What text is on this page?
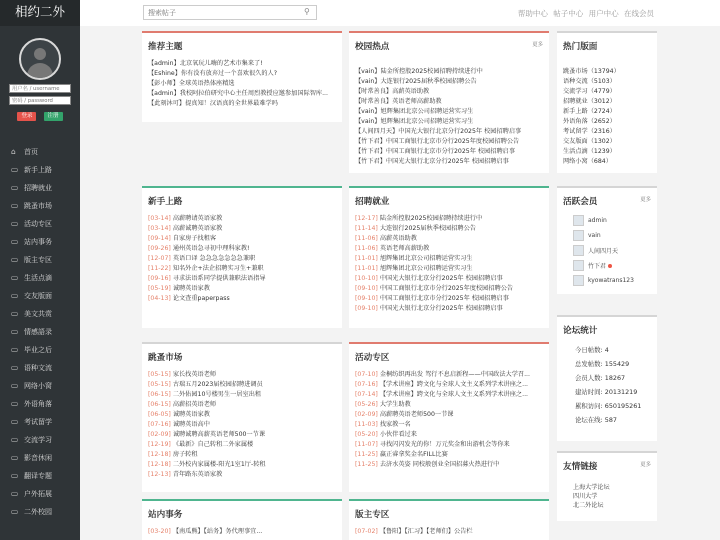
相约二外
用户名 / username
密码 / password
登录	注册
⌂ 首页
▭ 新手上路
▭ 招聘就业
▭ 跳蚤市场
▭ 活动专区
▭ 站内事务
▭ 版主专区
▭ 生活点滴
▭ 交友版面
▭ 美文共赏
▭ 情感語录
▭ 毕业之后
▭ 语种文流
▭ 网络小窝
▭ 外语角落
▭ 考试留学
▭ 交流学习
▭ 影音休闲
▭ 翻译专题
▭ 户外拓展
▭ 二外校园
搜索帖子
⚲	帮助中心 帖子中心 用户中心 在线会员
推荐主题
【admin】北京氧玩儿嗨的艺术市集来了!
【Eshine】你有没有放弃过一个喜欢很久的人?
【彭小师】全球英语热体座精选
【admin】我校阿拉伯研究中心主任周烈教授应邀参加国际智库...
【此刻沐可】提真知！汉语真的全世界最难学吗
新手上路
[03-14] 高薪聘请英语家教
[03-14] 高薪诚聘英语家教
[09-14] 自家房子找租客
[09-26] 通州英语急寻初中理科家教!
[12-07] 英语口译 急急急急急急急兼职
[11-22] 知名外企+法企招聘实习生+兼职
[09-16] 寻求法语系同学提供兼职法语指导
[05-19] 诚聘英语家教
[04-13] 论文查重paperpass
跳蚤市场
[05-15] 家长找英语老师
[05-15] 古瑞五月2023届校园招聘进调员
[06-15] 二外佑园10号楼男生一居室出租
[06-15] 高薪招英语老师
[06-05] 诚聘英语家教
[07-16] 诚聘英语高中
[02-09] 诚聘诚聘高薪英语老师500一节课
[12-19] 《最新》自己转租二外家属楼
[12-18] 房子转租
[12-18] 二外校内家属楼-阳光1室1厅-转租
[12-13] 青年路东英语家教
站内事务
[03-20] 【南瓜熊】【站务】务代理事宜...
校园热点	更多
【vain】陆金所控股2025校园招聘持续进行中
【vain】大连银行2025届秋季校园招聘公告
【时常善良】高薪英语助教
【时常善良】英语老师高薪助教
【vain】旭辉集团北京公司招聘运营实习生
【vain】旭辉集团北京公司招聘运营实习生
【人间四月天】中国光大银行北京分行2025年 校园招聘启事
【竹下君】中国工商银行北京市分行2025年度校园招聘公告
【竹下君】中国工商银行北京市分行2025年 校园招聘启事
【竹下君】中国光大银行北京分行2025年 校园招聘启事
招聘就业
[12-17] 陆金所控股2025校园招聘持续进行中
[11-14] 大连银行2025届秋季校园招聘公告
[11-06] 高薪英语助教
[11-06] 英语老师高薪助教
[11-01] 旭辉集团北京公司招聘运营实习生
[11-01] 旭辉集团北京公司招聘运营实习生
[10-10] 中国光大银行北京分行2025年 校园招聘启事
[09-10] 中国工商银行北京市分行2025年度校园招聘公告
[09-10] 中国工商银行北京市分行2025年 校园招聘启事
[09-10] 中国光大银行北京分行2025年 校园招聘启事
活动专区
[07-10] 金桐纺织再出发 驾行不息启新程——中国政法大学召...
[07-16] 【学术讲座】跨文化与全球人文主义系列学术讲座之...
[07-14] 【学术讲座】跨文化与全球人文主义系列学术讲座之...
[05-26] 大学生助教
[02-09] 高薪聘英语老师500一节课
[11-03] 找家教一名
[05-20] 小伙伴看过来
[11-07] 寻找闪闪发光的你！万元奖金和出游机会等你来
[11-25] 赢正睿拿奖金名FILL比赛
[11-25] 去济水英姿 同校般创业全国招募火热进行中
版主专区
[07-02] 【鲁阳】【汇习】【老师们】公告栏
热门版面
跳蚤市场（13794）
语种交流（5103）
交流学习（4779）
招聘就业（3012）
新手上路（2724）
外语角落（2652）
考试留学（2316）
交友版面（1302）
生活点滴（1239）
网络小窝（684）
活跃会员	更多
admin
vain
人间四月天
竹下君
kyowatrans123
论坛统计
今日帖数: 4
总发帖数: 155429
会员人数: 18267
建站时间: 20131219
累积访问: 650195261
论坛在线: 587
友情链接	更多
上海大学论坛
四川大学
北二外论坛
